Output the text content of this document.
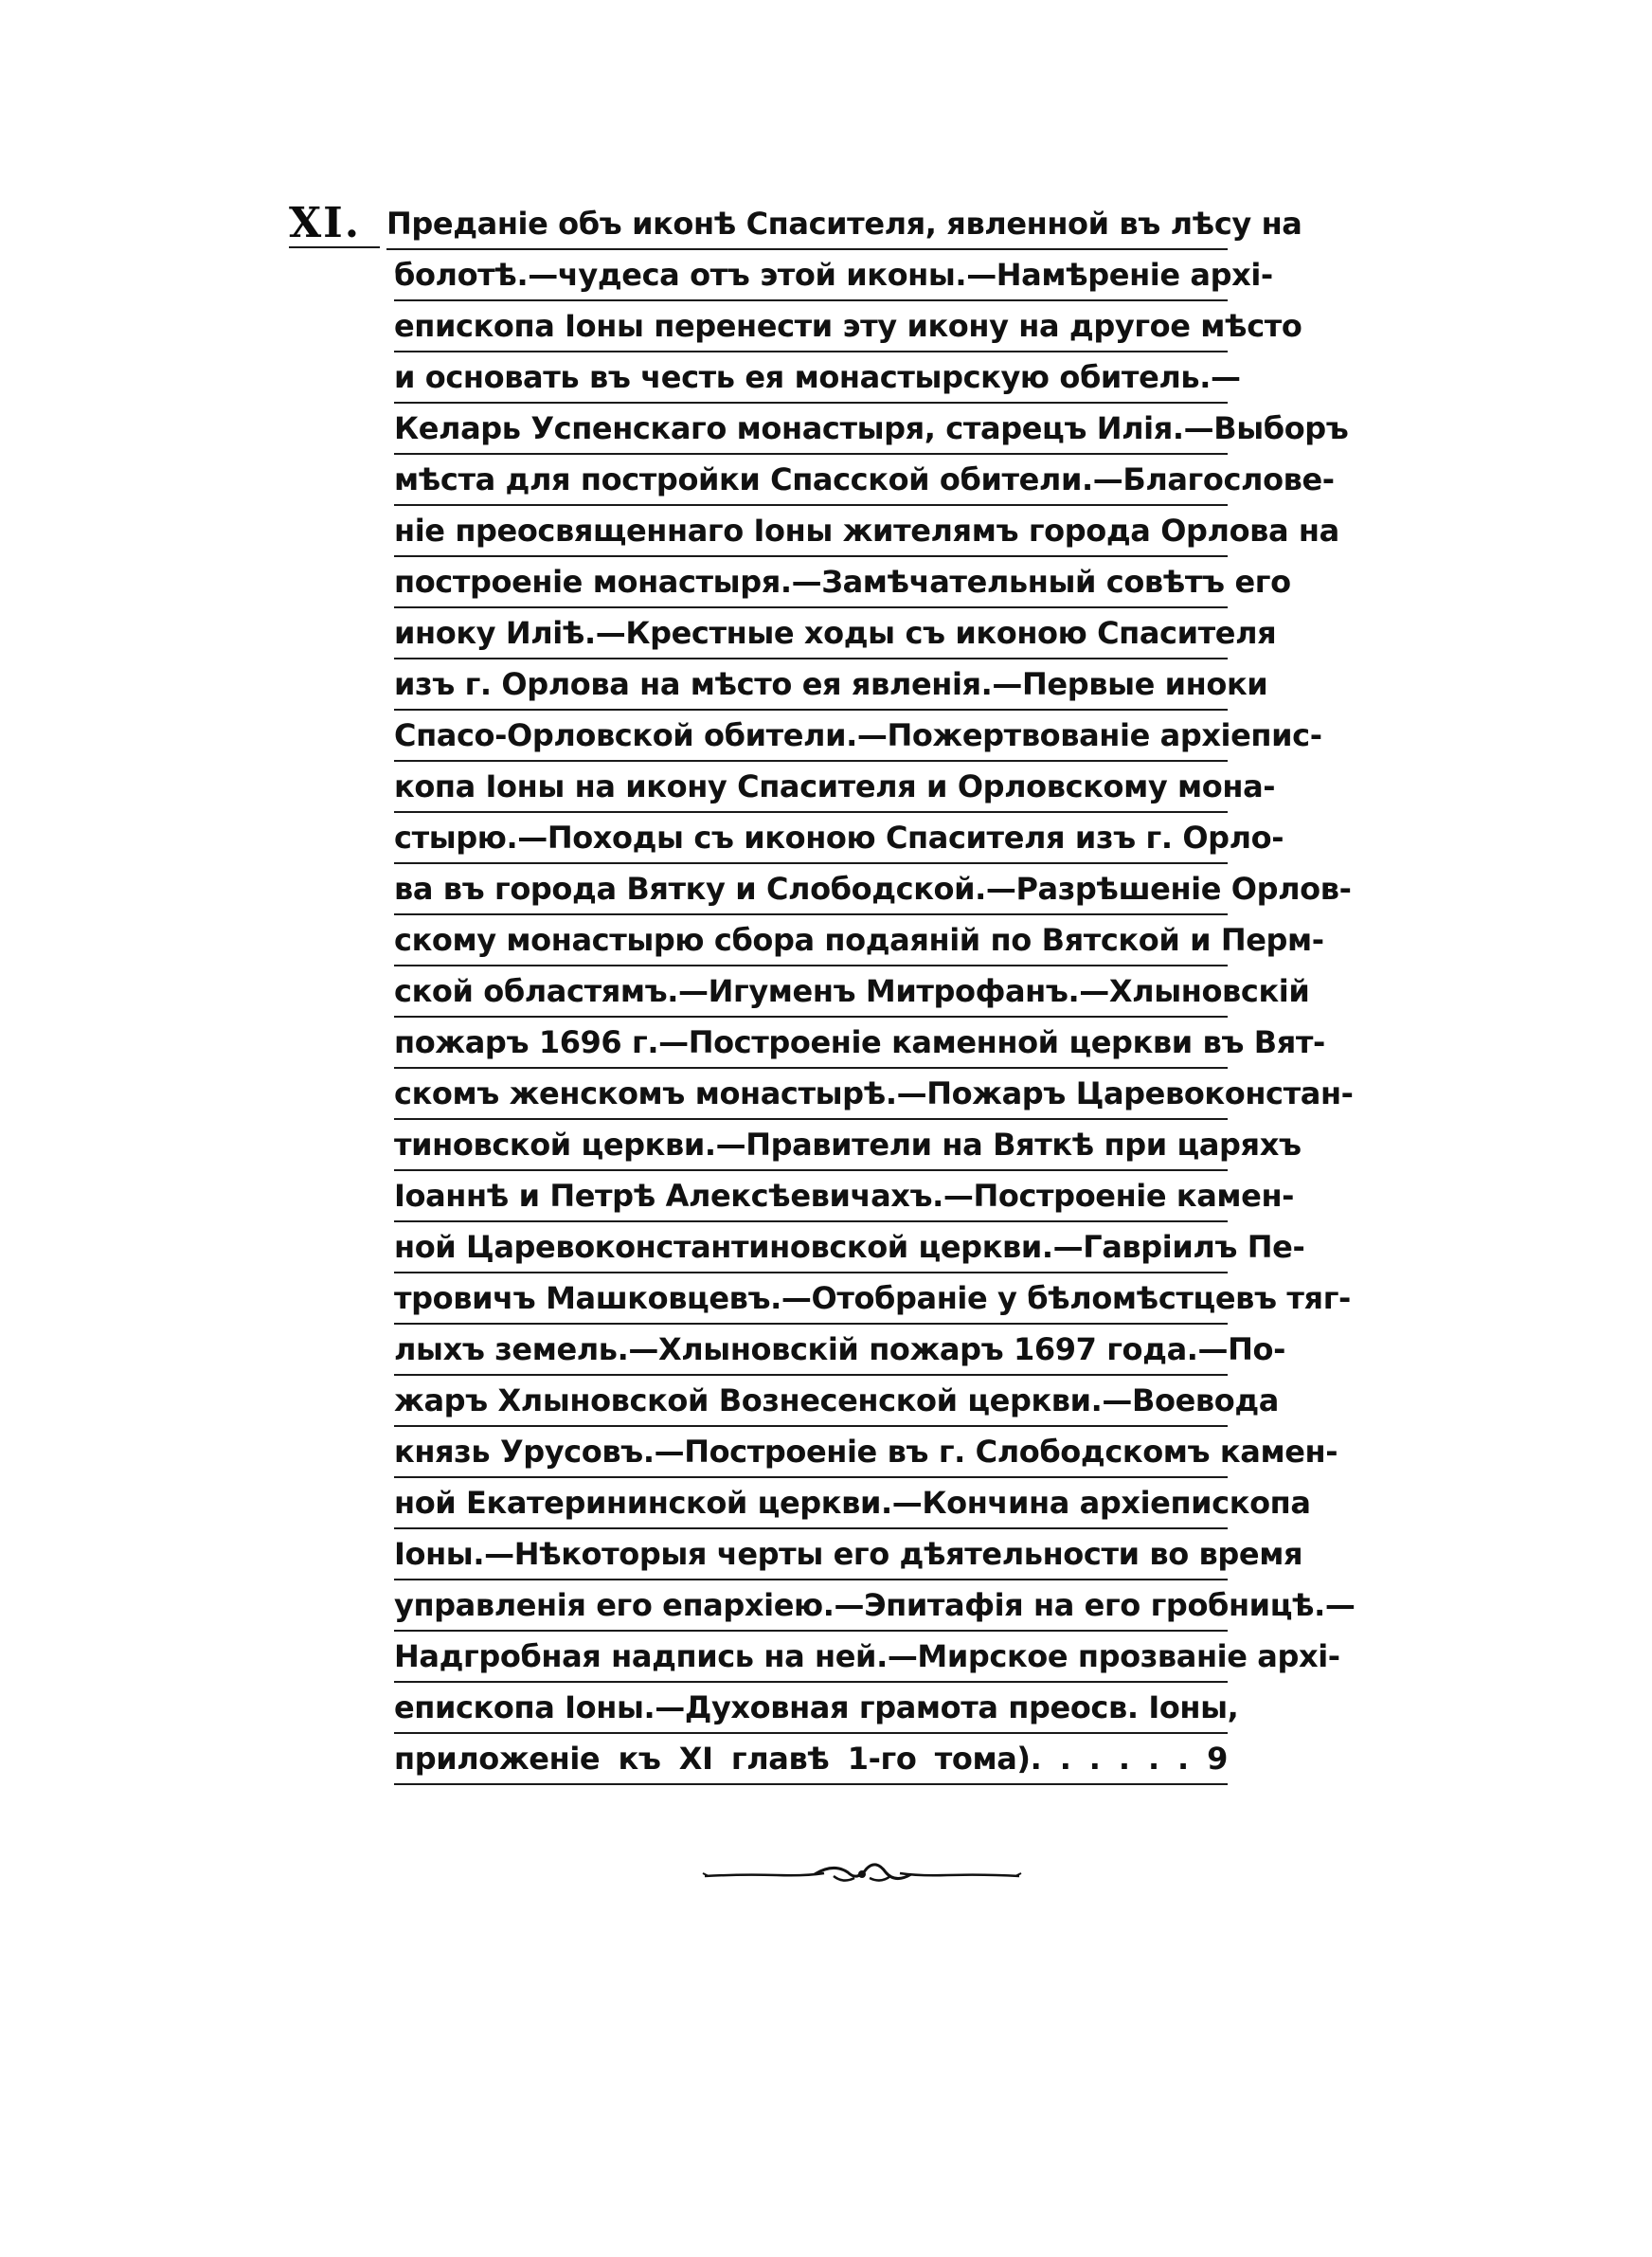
XI. Преданіе объ иконѣ Спасителя, явленной въ лѣсу на
болотѣ.—чудеса отъ этой иконы.—Намѣреніе архі-
епископа Іоны перенести эту икону на другое мѣсто
и основать въ честь ея монастырскую обитель.—
Келарь Успенскаго монастыря, старецъ Илія.—Выборъ
мѣста для постройки Спасской обители.—Благослове-
ніе преосвященнаго Іоны жителямъ города Орлова на
построеніе монастыря.—Замѣчательный совѣтъ его
иноку Иліѣ.—Крестные ходы съ иконою Спасителя
изъ г. Орлова на мѣсто ея явленія.—Первые иноки
Спасо-Орловской обители.—Пожертвованіе архіепис-
копа Іоны на икону Спасителя и Орловскому мона-
стырю.—Походы съ иконою Спасителя изъ г. Орло-
ва въ города Вятку и Слободской.—Разрѣшеніе Орлов-
скому монастырю сбора подаяній по Вятской и Перм-
ской областямъ.—Игуменъ Митрофанъ.—Хлыновскій
пожаръ 1696 г.—Построеніе каменной церкви въ Вят-
скомъ женскомъ монастырѣ.—Пожаръ Царевоконстан-
тиновской церкви.—Правители на Вяткѣ при царяхъ
Іоаннѣ и Петрѣ Алексѣевичахъ.—Построеніе камен-
ной Царевоконстантиновской церкви.—Гавріилъ Пе-
тровичъ Машковцевъ.—Отобраніе у бѣломѣстцевъ тяг-
лыхъ земель.—Хлыновскій пожаръ 1697 года.—По-
жаръ Хлыновской Вознесенской церкви.—Воевода
князь Урусовъ.—Построеніе въ г. Слободскомъ камен-
ной Екатерининской церкви.—Кончина архіепископа
Іоны.—Нѣкоторыя черты его дѣятельности во время
управленія его епархіею.—Эпитафія на его гробницѣ.—
Надгробная надпись на ней.—Мирское прозваніе архі-
епископа Іоны.—Духовная грамота преосв. Іоны,
приложеніе къ XI главѣ 1-го тома). . . . . . 9
